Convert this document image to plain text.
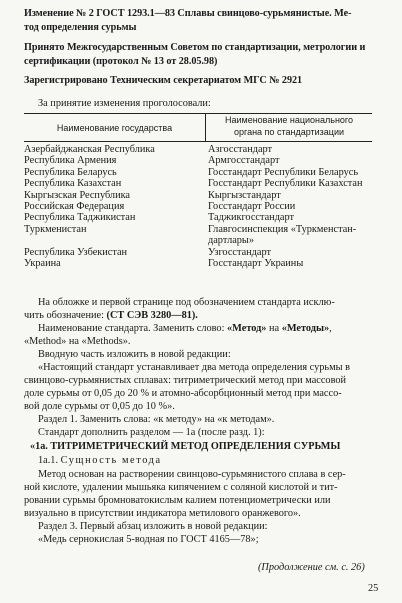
Изменение № 2 ГОСТ 1293.1—83 Сплавы свинцово-сурьмянистые. Ме-
тод определения сурьмы
Принято Межгосударственным Советом по стандартизации, метрологии и
сертификации (протокол № 13 от 28.05.98)
Зарегистрировано Техническим секретариатом МГС № 2921
За принятие изменения проголосовали:
Наименование государства
Наименование национального
органа по стандартизации
Азербайджанская Республика	Азгосстандарт
Республика Армения	Армгосстандарт
Республика Беларусь	Госстандарт Республики Беларусь
Республика Казахстан	Госстандарт Республики Казахстан
Кыргызская Республика	Кыргызстандарт
Российская Федерация	Госстандарт России
Республика Таджикистан	Таджикгосстандарт
Туркменистан	Главгосинспекция «Туркменстан-
дартлары»
Республика Узбекистан	Узгосстандарт
Украина	Госстандарт Украины
На обложке и первой странице под обозначением стандарта исклю-
чить обозначение: (СТ СЭВ 3280—81).
Наименование стандарта. Заменить слово: «Метод» на «Методы»,
«Method» на «Methods».
Вводную часть изложить в новой редакции:
«Настоящий стандарт устанавливает два метода определения сурьмы в
свинцово-сурьмянистых сплавах: титриметрический метод при массовой
доле сурьмы от 0,05 до 20 % и атомно-абсорбционный метод при массо-
вой доле сурьмы от 0,05 до 10 %».
Раздел 1. Заменить слова: «к методу» на «к методам».
Стандарт дополнить разделом — 1а (после разд. 1):
«1а. ТИТРИМЕТРИЧЕСКИЙ МЕТОД ОПРЕДЕЛЕНИЯ СУРЬМЫ
1а.1. Сущность метода
Метод основан на растворении свинцово-сурьмянистого сплава в сер-
ной кислоте, удалении мышьяка кипячением с соляной кислотой и тит-
ровании сурьмы бромноватокислым калием потенциометрически или
визуально в присутствии индикатора метилового оранжевого».
Раздел 3. Первый абзац изложить в новой редакции:
«Медь сернокислая 5-водная по ГОСТ 4165—78»;
(Продолжение см. с. 26)
25
